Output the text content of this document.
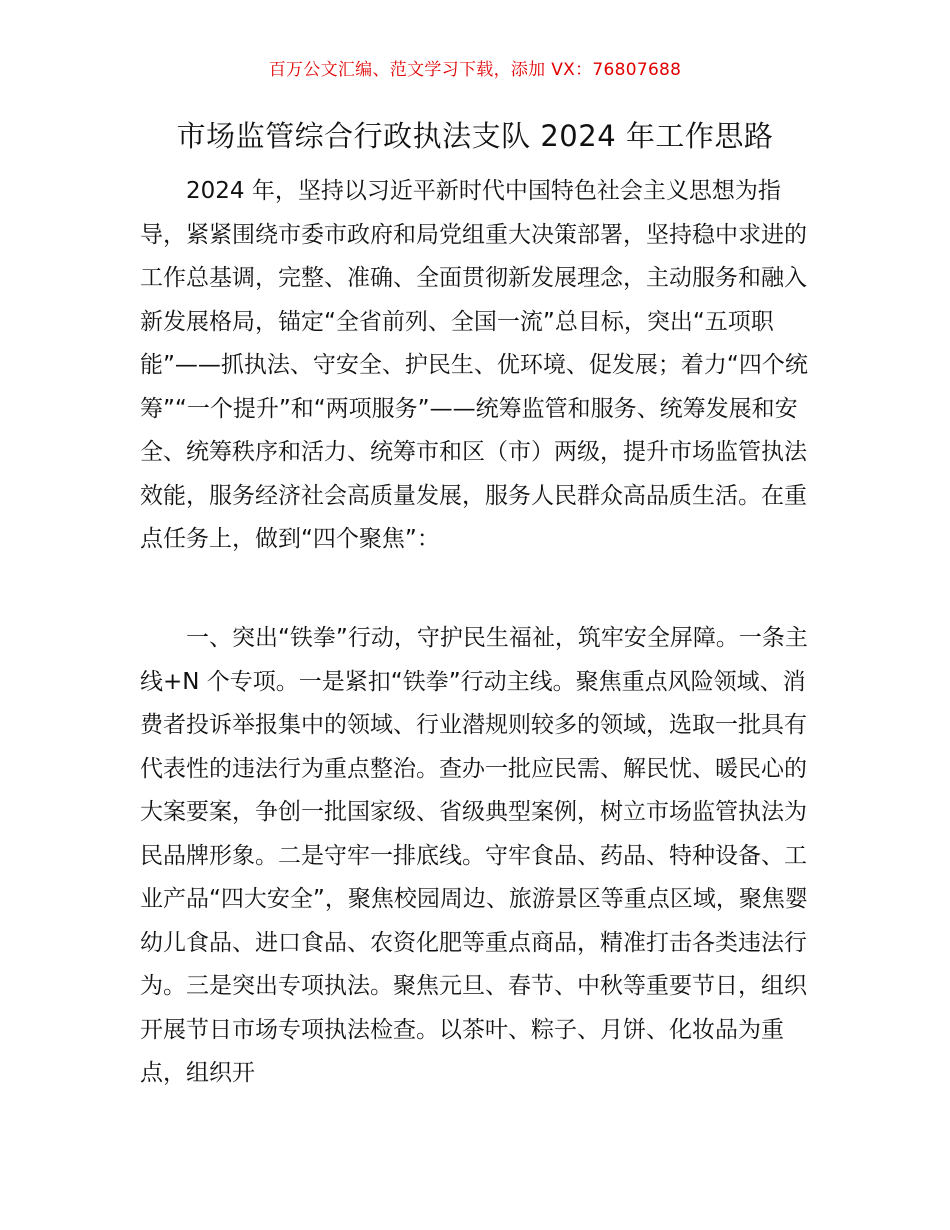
百万公文汇编、范文学习下载，添加 VX：76807688
市场监管综合行政执法支队 2024 年工作思路

2024 年，坚持以习近平新时代中国特色社会主义思想为指导，紧紧围绕市委市政府和局党组重大决策部署，坚持稳中求进的工作总基调，完整、准确、全面贯彻新发展理念，主动服务和融入新发展格局，锚定“全省前列、全国一流”总目标，突出“五项职能”——抓执法、守安全、护民生、优环境、促发展；着力“四个统筹”“一个提升”和“两项服务”——统筹监管和服务、统筹发展和安全、统筹秩序和活力、统筹市和区（市）两级，提升市场监管执法效能，服务经济社会高质量发展，服务人民群众高品质生活。在重点任务上，做到“四个聚焦”：

一、突出“铁拳”行动，守护民生福祉，筑牢安全屏障。一条主线+N 个专项。一是紧扣“铁拳”行动主线。聚焦重点风险领域、消费者投诉举报集中的领域、行业潜规则较多的领域，选取一批具有代表性的违法行为重点整治。查办一批应民需、解民忧、暖民心的大案要案，争创一批国家级、省级典型案例，树立市场监管执法为民品牌形象。二是守牢一排底线。守牢食品、药品、特种设备、工业产品“四大安全”，聚焦校园周边、旅游景区等重点区域，聚焦婴幼儿食品、进口食品、农资化肥等重点商品，精准打击各类违法行为。三是突出专项执法。聚焦元旦、春节、中秋等重要节日，组织开展节日市场专项执法检查。以茶叶、粽子、月饼、化妆品为重点，组织开
